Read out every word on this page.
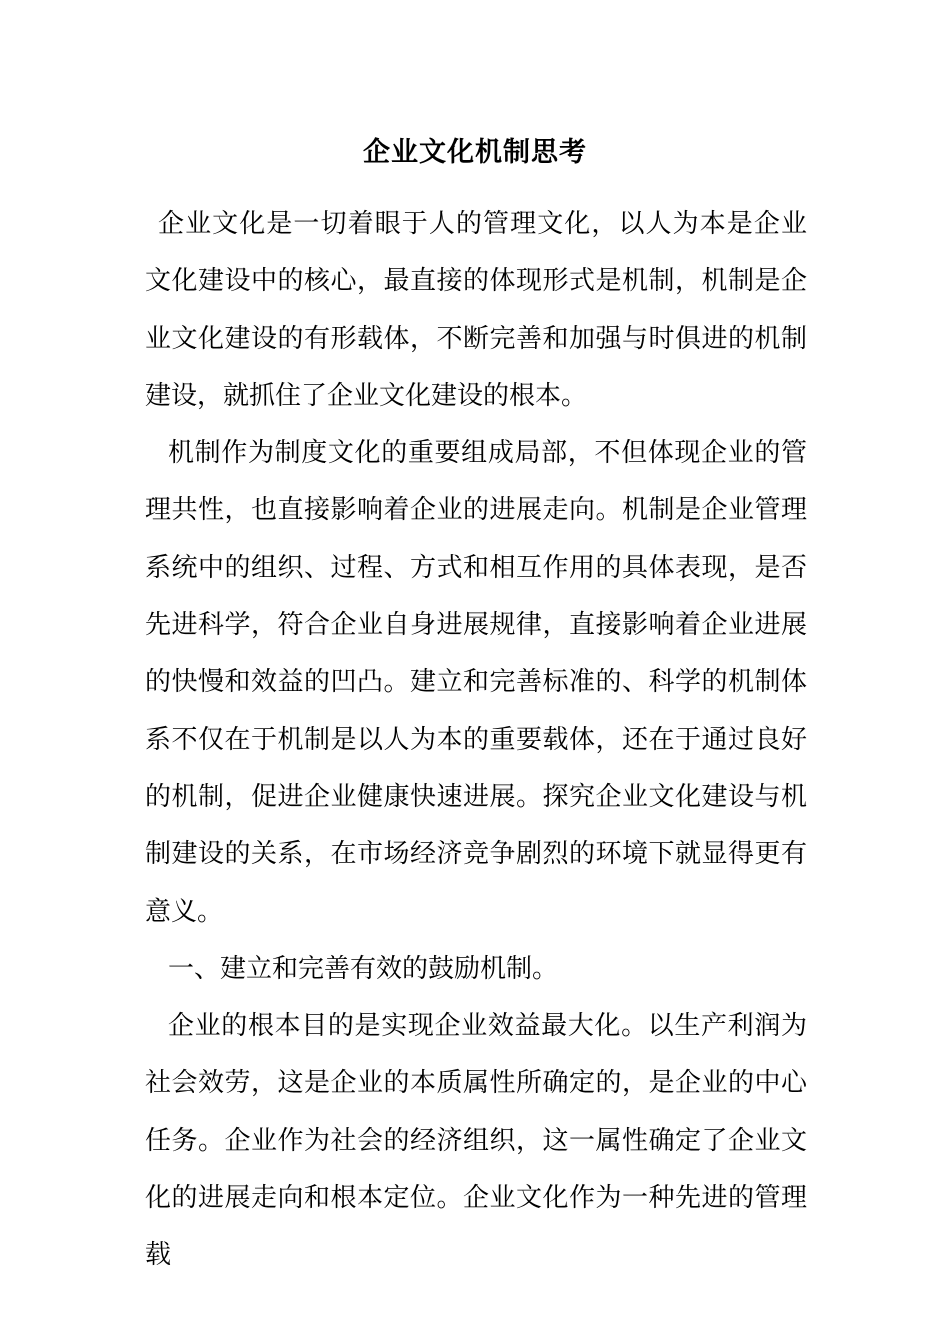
企业文化机制思考

企业文化是一切着眼于人的管理文化，以人为本是企业文化建设中的核心，最直接的体现形式是机制，机制是企业文化建设的有形载体，不断完善和加强与时俱进的机制建设，就抓住了企业文化建设的根本。

机制作为制度文化的重要组成局部，不但体现企业的管理共性，也直接影响着企业的进展走向。机制是企业管理系统中的组织、过程、方式和相互作用的具体表现，是否先进科学，符合企业自身进展规律，直接影响着企业进展的快慢和效益的凹凸。建立和完善标准的、科学的机制体系不仅在于机制是以人为本的重要载体，还在于通过良好的机制，促进企业健康快速进展。探究企业文化建设与机制建设的关系，在市场经济竞争剧烈的环境下就显得更有意义。

一、建立和完善有效的鼓励机制。

企业的根本目的是实现企业效益最大化。以生产利润为社会效劳，这是企业的本质属性所确定的，是企业的中心任务。企业作为社会的经济组织，这一属性确定了企业文化的进展走向和根本定位。企业文化作为一种先进的管理载
